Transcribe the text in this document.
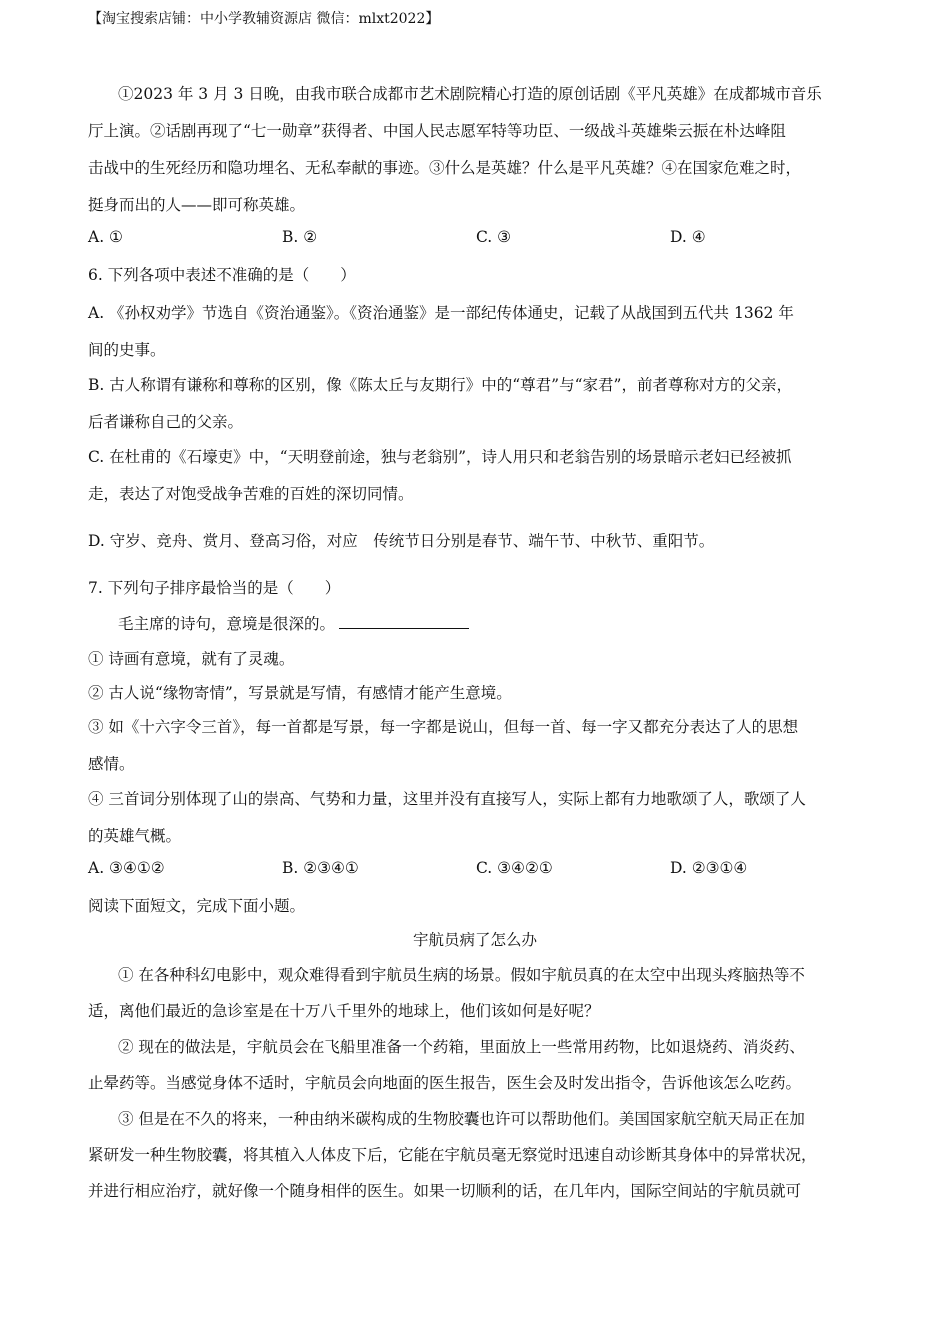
【淘宝搜索店铺：中小学教辅资源店 微信：mlxt2022】
①2023 年 3 月 3 日晚，由我市联合成都市艺术剧院精心打造的原创话剧《平凡英雄》在成都城市音乐
厅上演。②话剧再现了“七一勋章”获得者、中国人民志愿军特等功臣、一级战斗英雄柴云振在朴达峰阻
击战中的生死经历和隐功埋名、无私奉献的事迹。③什么是英雄？什么是平凡英雄？④在国家危难之时，
挺身而出的人——即可称英雄。
A. ①	B. ②	C. ③	D. ④
6. 下列各项中表述不准确的是（　　）
A. 《孙权劝学》节选自《资治通鉴》。《资治通鉴》是一部纪传体通史，记载了从战国到五代共 1362 年
间的史事。
B. 古人称谓有谦称和尊称的区别，像《陈太丘与友期行》中的“尊君”与“家君”，前者尊称对方的父亲，
后者谦称自己的父亲。
C. 在杜甫的《石壕吏》中，“天明登前途，独与老翁别”，诗人用只和老翁告别的场景暗示老妇已经被抓
走，表达了对饱受战争苦难的百姓的深切同情。
D. 守岁、竞舟、赏月、登高习俗，对应　传统节日分别是春节、端午节、中秋节、重阳节。
7. 下列句子排序最恰当的是（　　）
毛主席的诗句，意境是很深的。
① 诗画有意境，就有了灵魂。
② 古人说“缘物寄情”，写景就是写情，有感情才能产生意境。
③ 如《十六字令三首》，每一首都是写景，每一字都是说山，但每一首、每一字又都充分表达了人的思想
感情。
④ 三首词分别体现了山的崇高、气势和力量，这里并没有直接写人，实际上都有力地歌颂了人，歌颂了人
的英雄气概。
A. ③④①②	B. ②③④①	C. ③④②①	D. ②③①④
阅读下面短文，完成下面小题。
宇航员病了怎么办
① 在各种科幻电影中，观众难得看到宇航员生病的场景。假如宇航员真的在太空中出现头疼脑热等不
适，离他们最近的急诊室是在十万八千里外的地球上，他们该如何是好呢？
② 现在的做法是，宇航员会在飞船里准备一个药箱，里面放上一些常用药物，比如退烧药、消炎药、
止晕药等。当感觉身体不适时，宇航员会向地面的医生报告，医生会及时发出指令，告诉他该怎么吃药。
③ 但是在不久的将来，一种由纳米碳构成的生物胶囊也许可以帮助他们。美国国家航空航天局正在加
紧研发一种生物胶囊，将其植入人体皮下后，它能在宇航员毫无察觉时迅速自动诊断其身体中的异常状况，
并进行相应治疗，就好像一个随身相伴的医生。如果一切顺利的话，在几年内，国际空间站的宇航员就可
